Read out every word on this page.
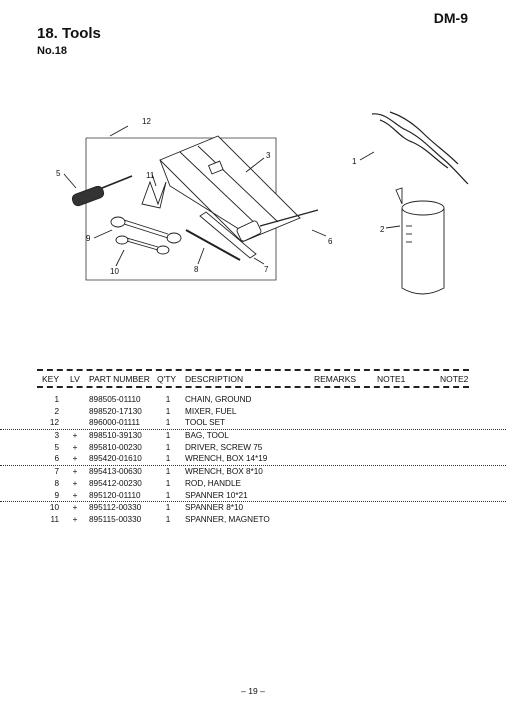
DM-9
18. Tools
No.18
12
5	11
3
9
10	8	7
6
1
2
KEY LV PART NUMBER Q'TY DESCRIPTION	REMARKS NOTE1	NOTE2
1	898505-01110	1 CHAIN, GROUND
2	898520-17130	1 MIXER, FUEL
12	896000-01111	1 TOOL SET
3	+	898510-39130	1 BAG, TOOL
5	+	895810-00230	1 DRIVER, SCREW 75
6	+	895420-01610	1 WRENCH, BOX 14*19
7	+	895413-00630	1 WRENCH, BOX 8*10
8	+	895412-00230	1 ROD, HANDLE
9	+	895120-01110	1 SPANNER 10*21
10	+	895112-00330	1 SPANNER 8*10
11	+	895115-00330	1 SPANNER, MAGNETO
– 19 –
